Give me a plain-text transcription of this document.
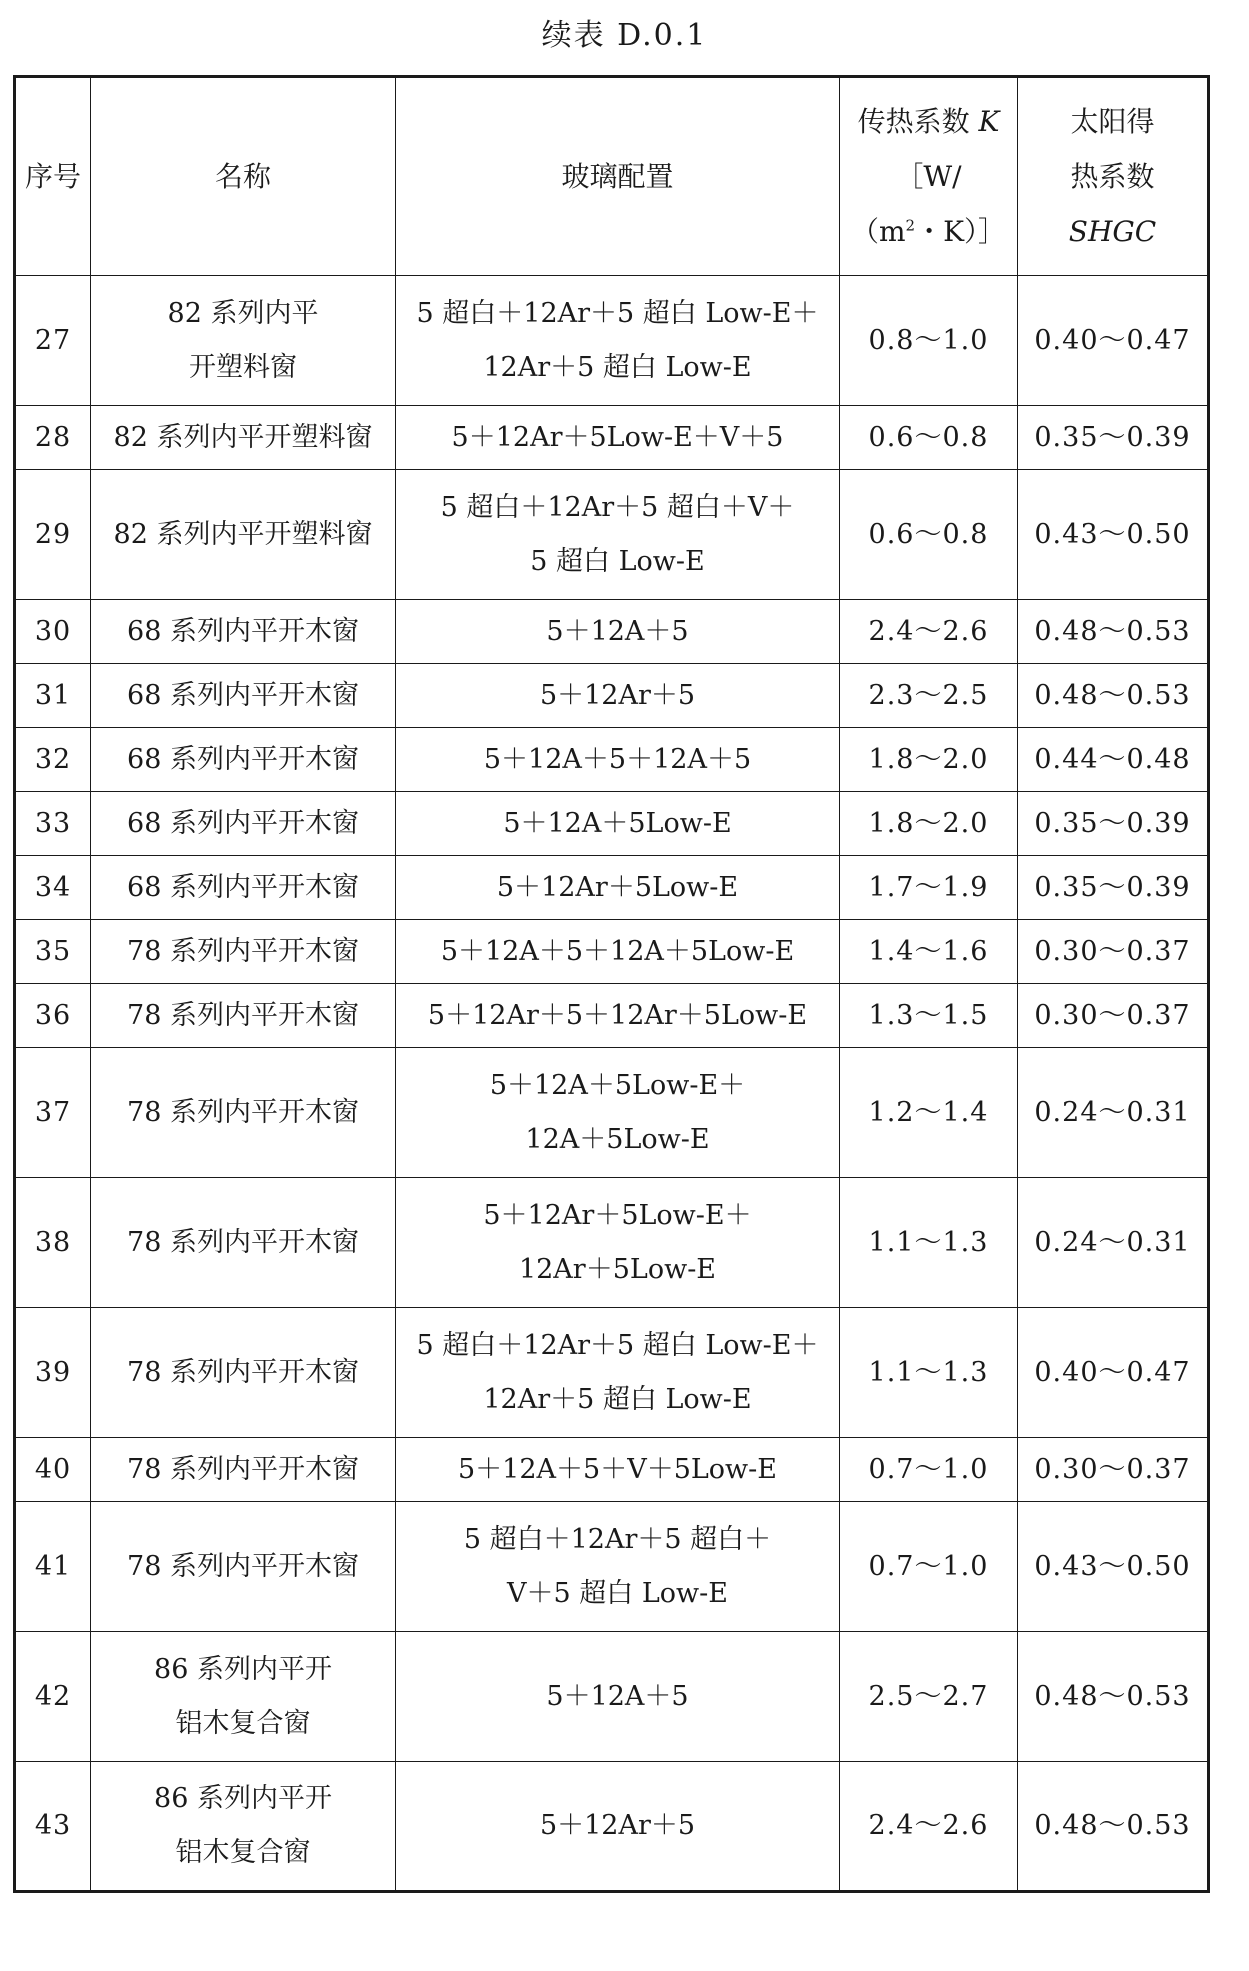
续表 D.0.1
序号	名称	玻璃配置	传热系数 K
［W/
（$m^2$・K）］	太阳得
热系数
SHGC

27	82 系列内平
开塑料窗	5 超白＋12Ar＋5 超白 Low-E＋
12Ar＋5 超白 Low-E	0.8～1.0	0.40～0.47
28	82 系列内平开塑料窗	5＋12Ar＋5Low-E＋V＋5	0.6～0.8	0.35～0.39
29	82 系列内平开塑料窗	5 超白＋12Ar＋5 超白＋V＋
5 超白 Low-E	0.6～0.8	0.43～0.50
30	68 系列内平开木窗	5＋12A＋5	2.4～2.6	0.48～0.53
31	68 系列内平开木窗	5＋12Ar＋5	2.3～2.5	0.48～0.53
32	68 系列内平开木窗	5＋12A＋5＋12A＋5	1.8～2.0	0.44～0.48
33	68 系列内平开木窗	5＋12A＋5Low-E	1.8～2.0	0.35～0.39
34	68 系列内平开木窗	5＋12Ar＋5Low-E	1.7～1.9	0.35～0.39
35	78 系列内平开木窗	5＋12A＋5＋12A＋5Low-E	1.4～1.6	0.30～0.37
36	78 系列内平开木窗	5＋12Ar＋5＋12Ar＋5Low-E	1.3～1.5	0.30～0.37
37	78 系列内平开木窗	5＋12A＋5Low-E＋
12A＋5Low-E	1.2～1.4	0.24～0.31
38	78 系列内平开木窗	5＋12Ar＋5Low-E＋
12Ar＋5Low-E	1.1～1.3	0.24～0.31
39	78 系列内平开木窗	5 超白＋12Ar＋5 超白 Low-E＋
12Ar＋5 超白 Low-E	1.1～1.3	0.40～0.47
40	78 系列内平开木窗	5＋12A＋5＋V＋5Low-E	0.7～1.0	0.30～0.37
41	78 系列内平开木窗	5 超白＋12Ar＋5 超白＋
V＋5 超白 Low-E	0.7～1.0	0.43～0.50
42	86 系列内平开
铝木复合窗	5＋12A＋5	2.5～2.7	0.48～0.53
43	86 系列内平开
铝木复合窗	5＋12Ar＋5	2.4～2.6	0.48～0.53
